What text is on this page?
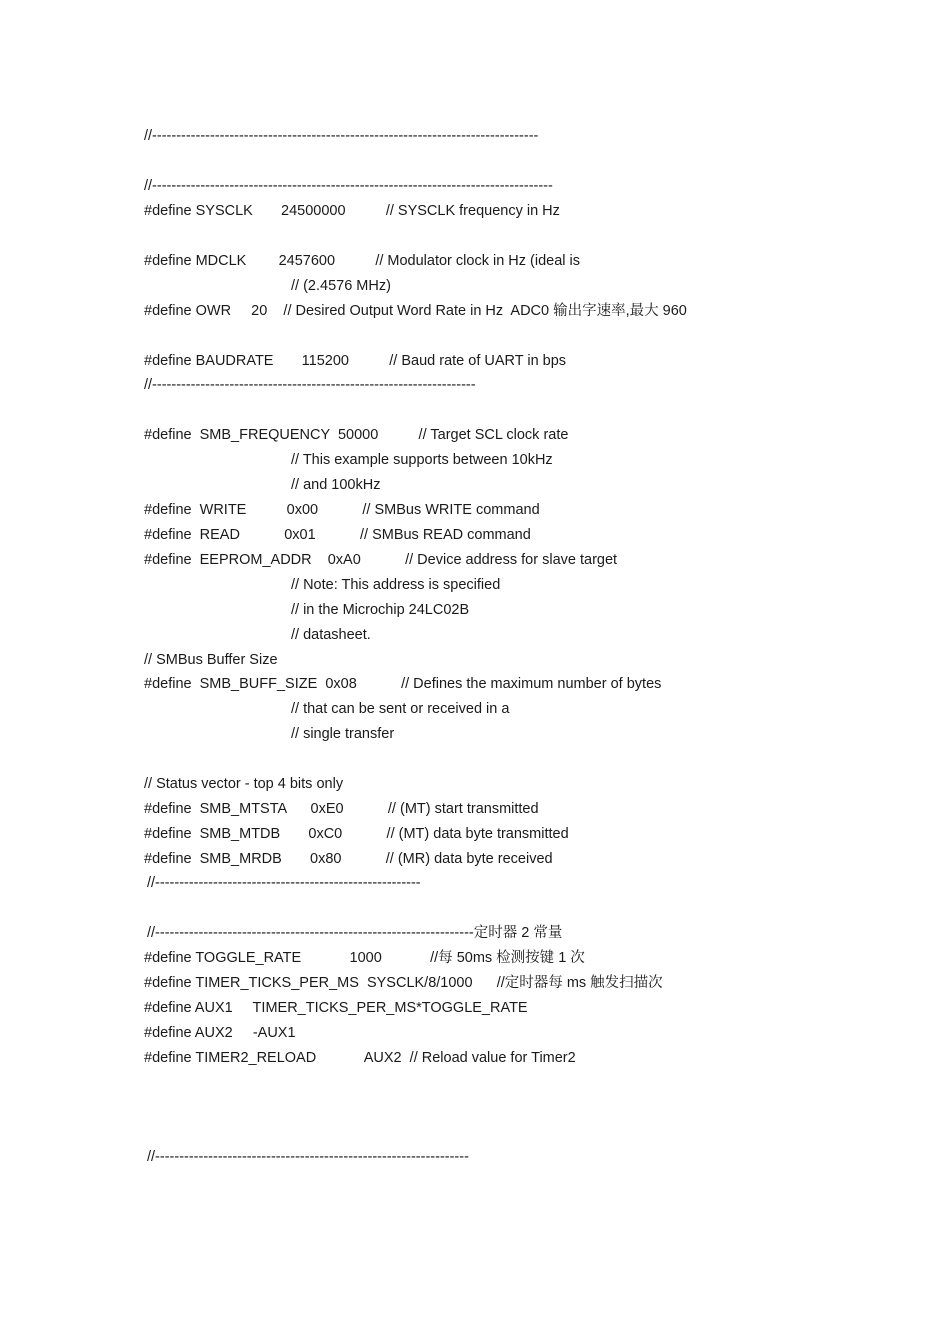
//--------------------------------------------------------------------------------
//-----------------------------------------------------------------------------------
#define SYSCLK       24500000          // SYSCLK frequency in Hz
#define MDCLK        2457600          // Modulator clock in Hz (ideal is
// (2.4576 MHz)
#define OWR     20    // Desired Output Word Rate in Hz  ADC0 输出字速率,最大 960
#define BAUDRATE       115200          // Baud rate of UART in bps
//-------------------------------------------------------------------
#define  SMB_FREQUENCY  50000          // Target SCL clock rate
// This example supports between 10kHz
// and 100kHz
#define  WRITE          0x00           // SMBus WRITE command
#define  READ           0x01           // SMBus READ command
#define  EEPROM_ADDR    0xA0           // Device address for slave target
// Note: This address is specified
// in the Microchip 24LC02B
// datasheet.
// SMBus Buffer Size
#define  SMB_BUFF_SIZE  0x08           // Defines the maximum number of bytes
// that can be sent or received in a
// single transfer
// Status vector - top 4 bits only
#define  SMB_MTSTA      0xE0           // (MT) start transmitted
#define  SMB_MTDB       0xC0           // (MT) data byte transmitted
#define  SMB_MRDB       0x80           // (MR) data byte received
//-------------------------------------------------------
//------------------------------------------------------------------定时器 2 常量
#define TOGGLE_RATE            1000            //每 50ms 检测按键 1 次
#define TIMER_TICKS_PER_MS  SYSCLK/8/1000      //定时器每 ms 触发扫描次
#define AUX1     TIMER_TICKS_PER_MS*TOGGLE_RATE
#define AUX2     -AUX1
#define TIMER2_RELOAD            AUX2  // Reload value for Timer2
//-----------------------------------------------------------------
